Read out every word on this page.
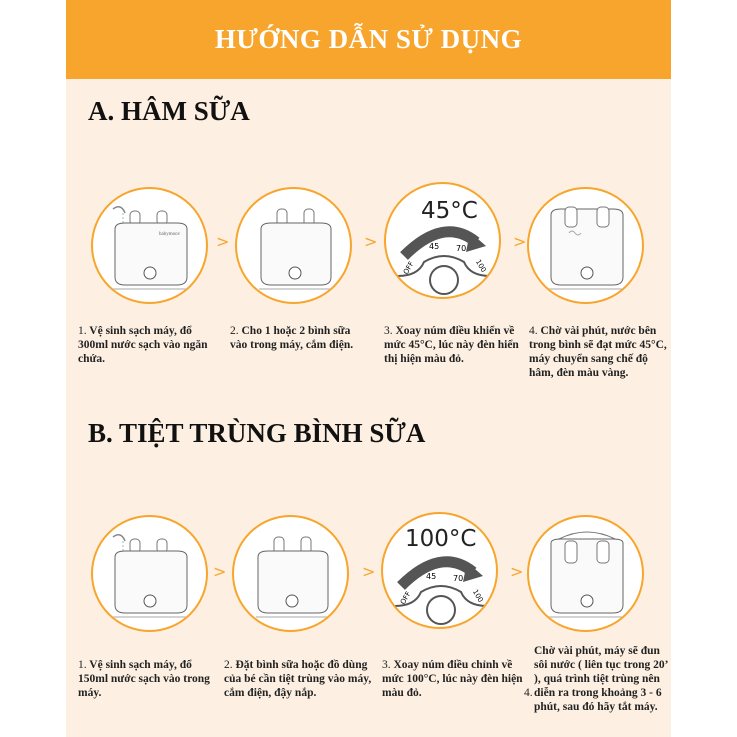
HƯỚNG DẪN SỬ DỤNG
A. HÂM SỮA
babymoov >	>
45°C
OFF
45 70
100
>
1. Vệ sinh sạch máy, đổ 300ml nước sạch vào ngăn chứa.
2. Cho 1 hoặc 2 bình sữa vào trong máy, cắm điện.
3. Xoay núm điều khiển về mức 45°C, lúc này đèn hiển thị hiện màu đỏ.
4. Chờ vài phút, nước bên trong bình sẽ đạt mức 45°C, máy chuyển sang chế độ hâm, đèn màu vàng.
B. TIỆT TRÙNG BÌNH SỮA
>	>
100°C
OFF
45 70
100
>
1. Vệ sinh sạch máy, đổ 150ml nước sạch vào trong máy.
2. Đặt bình sữa hoặc đồ dùng của bé cần tiệt trùng vào máy, cắm điện, đậy nắp.
3. Xoay núm điều chỉnh về mức 100°C, lúc này đèn hiện màu đỏ.
Chờ vài phút, máy sẽ đun sôi nước ( liên tục trong 20’ ), quá trình tiệt trùng nên diễn ra trong khoảng 3 - 6 phút, sau đó hãy tắt máy.
4.
